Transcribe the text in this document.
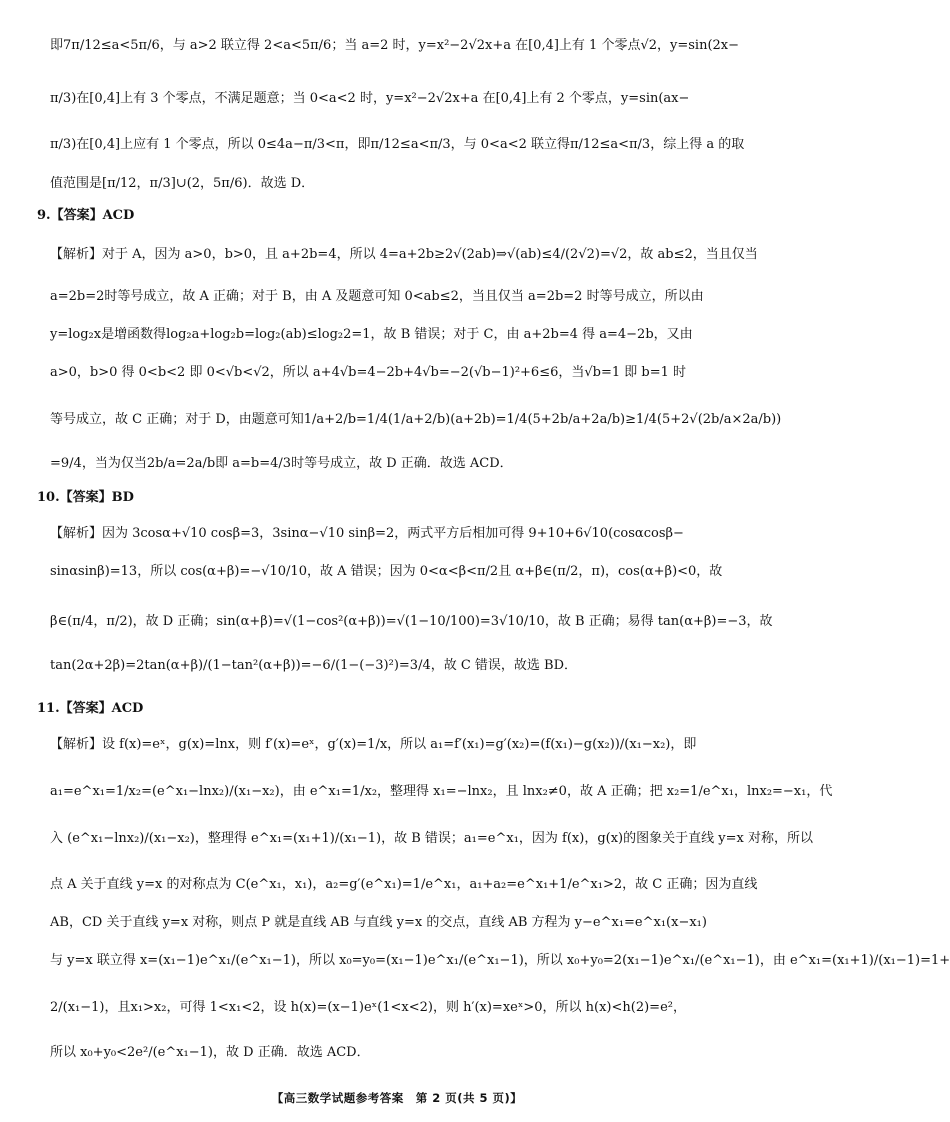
即7π/12≤a<5π/6，与 a>2 联立得 2<a<5π/6；当 a=2 时，y=x²−2√2x+a 在[0,4]上有 1 个零点√2，y=sin(2x−
π/3)在[0,4]上有 3 个零点，不满足题意；当 0<a<2 时，y=x²−2√2x+a 在[0,4]上有 2 个零点，y=sin(ax−
π/3)在[0,4]上应有 1 个零点，所以 0≤4a−π/3<π，即π/12≤a<π/3，与 0<a<2 联立得π/12≤a<π/3，综上得 a 的取
值范围是[π/12，π/3]∪(2，5π/6)．故选 D．
9.【答案】ACD
【解析】对于 A，因为 a>0，b>0，且 a+2b=4，所以 4=a+2b≥2√(2ab)⇒√(ab)≤4/(2√2)=√2，故 ab≤2，当且仅当
a=2b=2时等号成立，故 A 正确；对于 B，由 A 及题意可知 0<ab≤2，当且仅当 a=2b=2 时等号成立，所以由
y=log₂x是增函数得log₂a+log₂b=log₂(ab)≤log₂2=1，故 B 错误；对于 C，由 a+2b=4 得 a=4−2b，又由
a>0，b>0 得 0<b<2 即 0<√b<√2，所以 a+4√b=4−2b+4√b=−2(√b−1)²+6≤6，当√b=1 即 b=1 时
等号成立，故 C 正确；对于 D，由题意可知1/a+2/b=1/4(1/a+2/b)(a+2b)=1/4(5+2b/a+2a/b)≥1/4(5+2√(2b/a×2a/b))
=9/4，当为仅当2b/a=2a/b即 a=b=4/3时等号成立，故 D 正确．故选 ACD．
10.【答案】BD
【解析】因为 3cosα+√10 cosβ=3，3sinα−√10 sinβ=2，两式平方后相加可得 9+10+6√10(cosαcosβ−
sinαsinβ)=13，所以 cos(α+β)=−√10/10，故 A 错误；因为 0<α<β<π/2且 α+β∈(π/2，π)，cos(α+β)<0，故
β∈(π/4，π/2)，故 D 正确；sin(α+β)=√(1−cos²(α+β))=√(1−10/100)=3√10/10，故 B 正确；易得 tan(α+β)=−3，故
tan(2α+2β)=2tan(α+β)/(1−tan²(α+β))=−6/(1−(−3)²)=3/4，故 C 错误，故选 BD．
11.【答案】ACD
【解析】设 f(x)=eˣ，g(x)=lnx，则 f′(x)=eˣ，g′(x)=1/x，所以 a₁=f′(x₁)=g′(x₂)=(f(x₁)−g(x₂))/(x₁−x₂)，即
a₁=e^x₁=1/x₂=(e^x₁−lnx₂)/(x₁−x₂)，由 e^x₁=1/x₂，整理得 x₁=−lnx₂，且 lnx₂≠0，故 A 正确；把 x₂=1/e^x₁，lnx₂=−x₁，代
入 (e^x₁−lnx₂)/(x₁−x₂)，整理得 e^x₁=(x₁+1)/(x₁−1)，故 B 错误；a₁=e^x₁，因为 f(x)，g(x)的图象关于直线 y=x 对称，所以
点 A 关于直线 y=x 的对称点为 C(e^x₁，x₁)，a₂=g′(e^x₁)=1/e^x₁，a₁+a₂=e^x₁+1/e^x₁>2，故 C 正确；因为直线
AB，CD 关于直线 y=x 对称，则点 P 就是直线 AB 与直线 y=x 的交点，直线 AB 方程为 y−e^x₁=e^x₁(x−x₁)
与 y=x 联立得 x=(x₁−1)e^x₁/(e^x₁−1)，所以 x₀=y₀=(x₁−1)e^x₁/(e^x₁−1)，所以 x₀+y₀=2(x₁−1)e^x₁/(e^x₁−1)，由 e^x₁=(x₁+1)/(x₁−1)=1+
2/(x₁−1)，且x₁>x₂，可得 1<x₁<2，设 h(x)=(x−1)eˣ(1<x<2)，则 h′(x)=xeˣ>0，所以 h(x)<h(2)=e²，
所以 x₀+y₀<2e²/(e^x₁−1)，故 D 正确．故选 ACD．
【高三数学试题参考答案　第 2 页(共 5 页)】
